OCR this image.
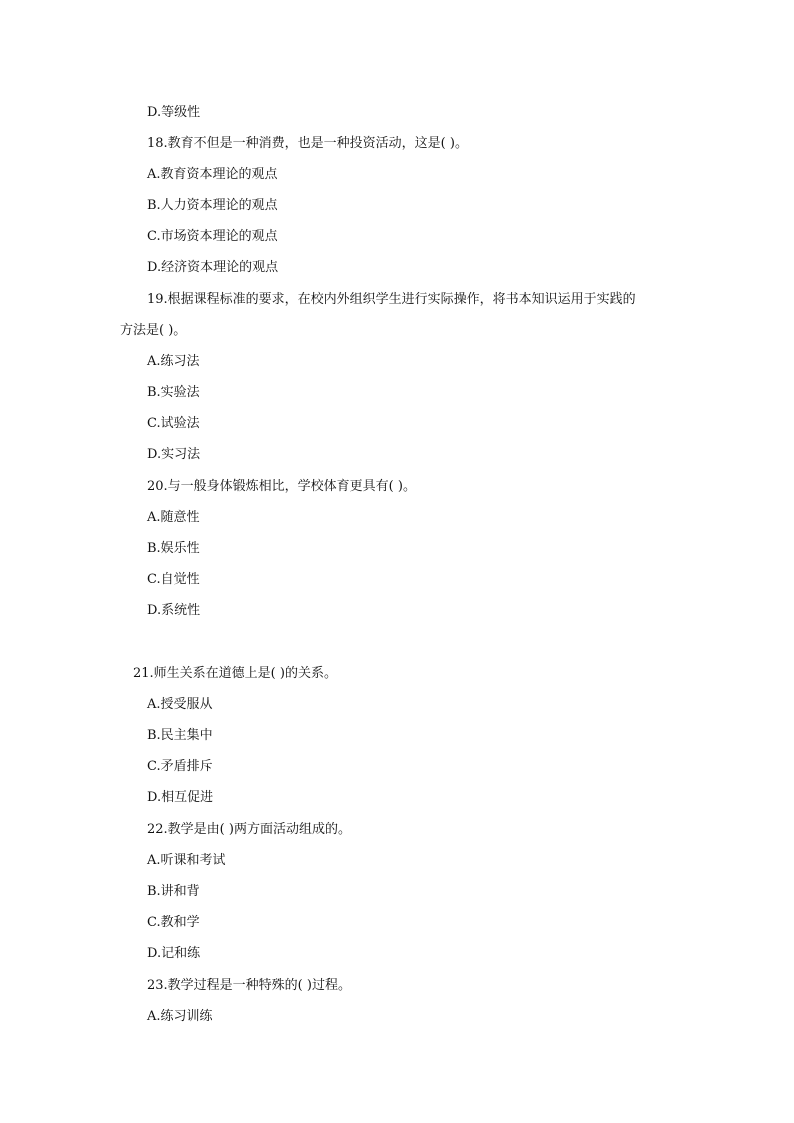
D.等级性
18.教育不但是一种消费，也是一种投资活动，这是( )。
A.教育资本理论的观点
B.人力资本理论的观点
C.市场资本理论的观点
D.经济资本理论的观点
19.根据课程标准的要求，在校内外组织学生进行实际操作，将书本知识运用于实践的
方法是( )。
A.练习法
B.实验法
C.试验法
D.实习法
20.与一般身体锻炼相比，学校体育更具有( )。
A.随意性
B.娱乐性
C.自觉性
D.系统性
21.师生关系在道德上是( )的关系。
A.授受服从
B.民主集中
C.矛盾排斥
D.相互促进
22.教学是由( )两方面活动组成的。
A.听课和考试
B.讲和背
C.教和学
D.记和练
23.教学过程是一种特殊的( )过程。
A.练习训练
